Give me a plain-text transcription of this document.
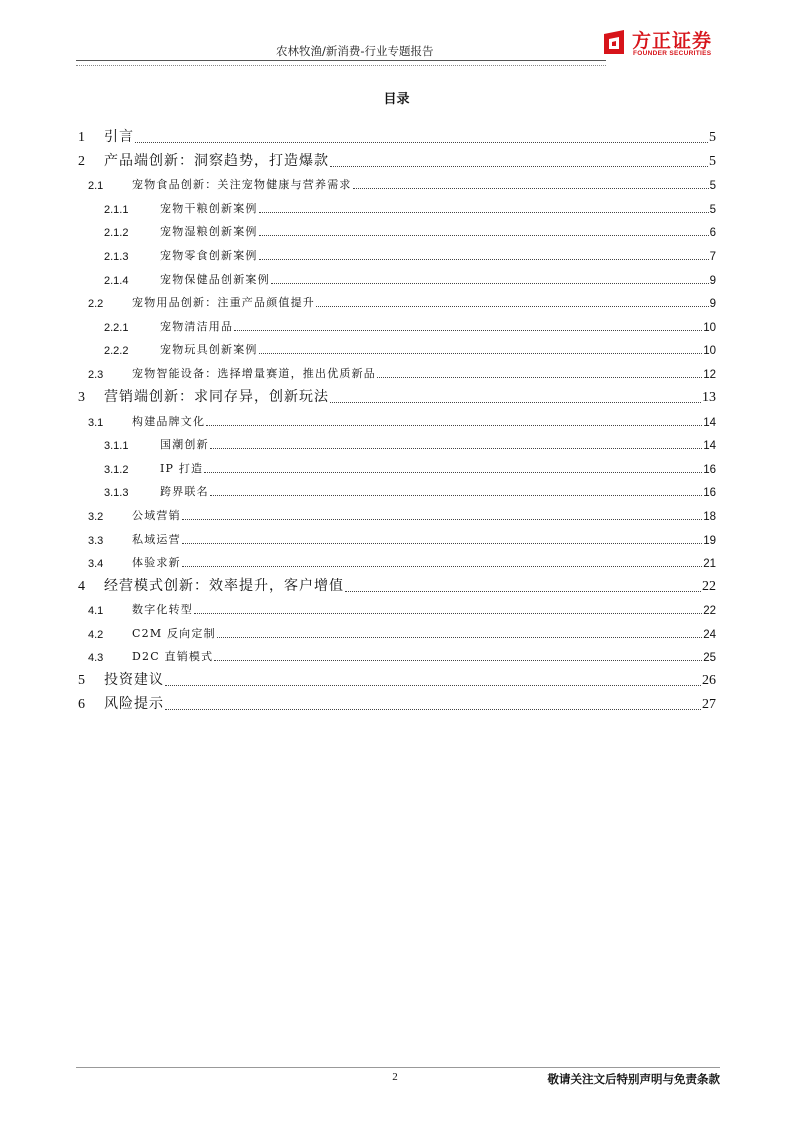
农林牧渔/新消费-行业专题报告	方正证券
FOUNDER SECURITIES
目录
1	引言	5
2	产品端创新：洞察趋势，打造爆款	5
2.1	宠物食品创新：关注宠物健康与营养需求	5
2.1.1	宠物干粮创新案例	5
2.1.2	宠物湿粮创新案例	6
2.1.3	宠物零食创新案例	7
2.1.4	宠物保健品创新案例	9
2.2	宠物用品创新：注重产品颜值提升	9
2.2.1	宠物清洁用品	10
2.2.2	宠物玩具创新案例	10
2.3	宠物智能设备：选择增量赛道，推出优质新品	12
3	营销端创新：求同存异，创新玩法	13
3.1	构建品牌文化	14
3.1.1	国潮创新	14
3.1.2	IP 打造	16
3.1.3	跨界联名	16
3.2	公域营销	18
3.3	私域运营	19
3.4	体验求新	21
4	经营模式创新：效率提升，客户增值	22
4.1	数字化转型	22
4.2	C2M 反向定制	24
4.3	D2C 直销模式	25
5	投资建议	26
6	风险提示	27
2	敬请关注文后特别声明与免责条款
